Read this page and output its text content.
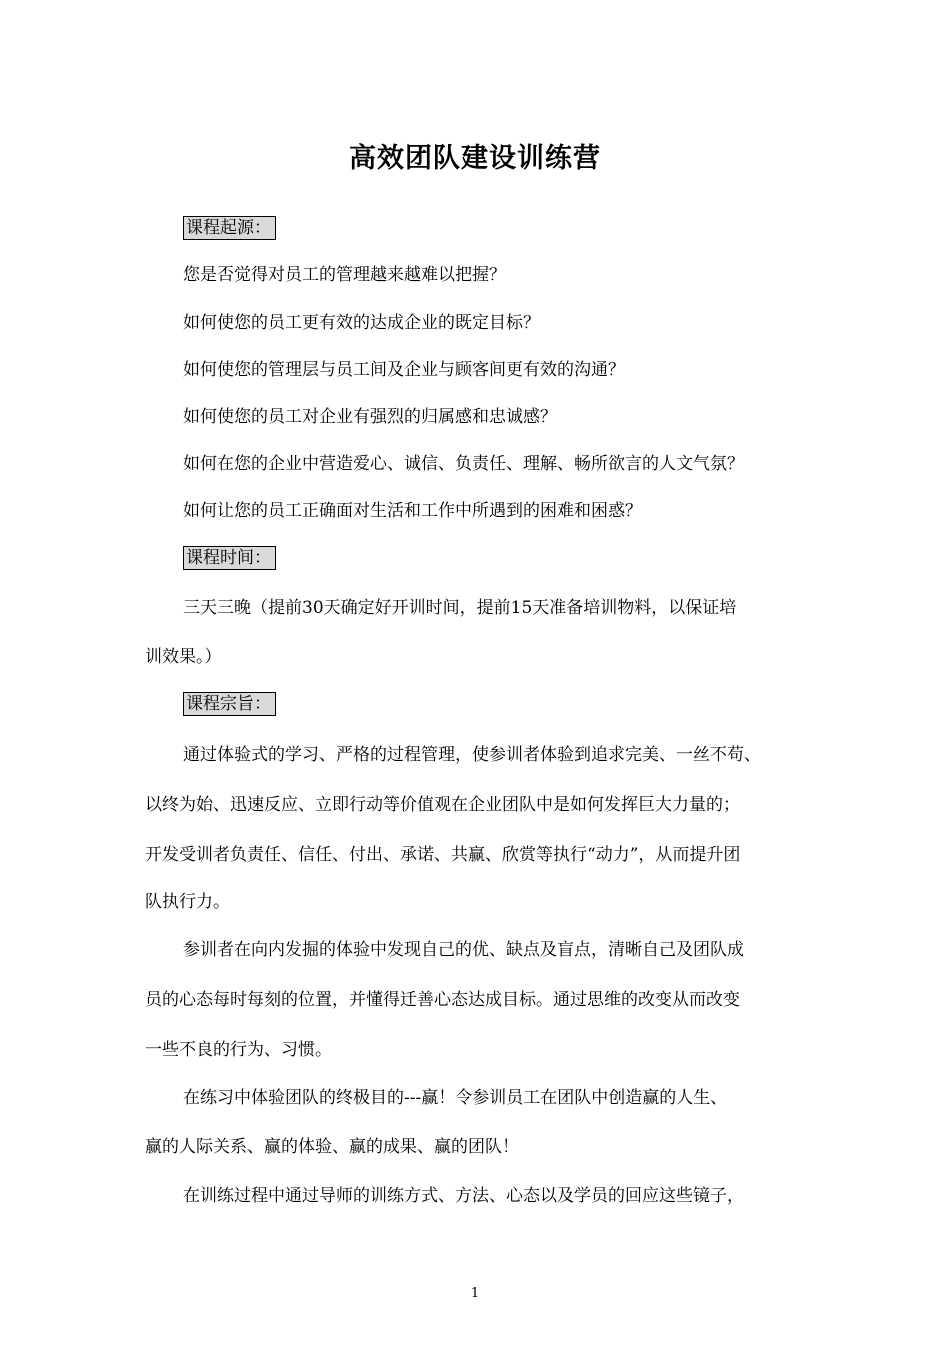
高效团队建设训练营
课程起源：
您是否觉得对员工的管理越来越难以把握？
如何使您的员工更有效的达成企业的既定目标？
如何使您的管理层与员工间及企业与顾客间更有效的沟通？
如何使您的员工对企业有强烈的归属感和忠诚感？
如何在您的企业中营造爱心、诚信、负责任、理解、畅所欲言的人文气氛？
如何让您的员工正确面对生活和工作中所遇到的困难和困惑？
课程时间：
三天三晚（提前30天确定好开训时间，提前15天准备培训物料，以保证培
训效果。）
课程宗旨：
通过体验式的学习、严格的过程管理，使参训者体验到追求完美、一丝不苟、
以终为始、迅速反应、立即行动等价值观在企业团队中是如何发挥巨大力量的；
开发受训者负责任、信任、付出、承诺、共赢、欣赏等执行“动力”，从而提升团
队执行力。
参训者在向内发掘的体验中发现自己的优、缺点及盲点，清晰自己及团队成
员的心态每时每刻的位置，并懂得迁善心态达成目标。通过思维的改变从而改变
一些不良的行为、习惯。
在练习中体验团队的终极目的---赢！令参训员工在团队中创造赢的人生、
赢的人际关系、赢的体验、赢的成果、赢的团队！
在训练过程中通过导师的训练方式、方法、心态以及学员的回应这些镜子，
1
